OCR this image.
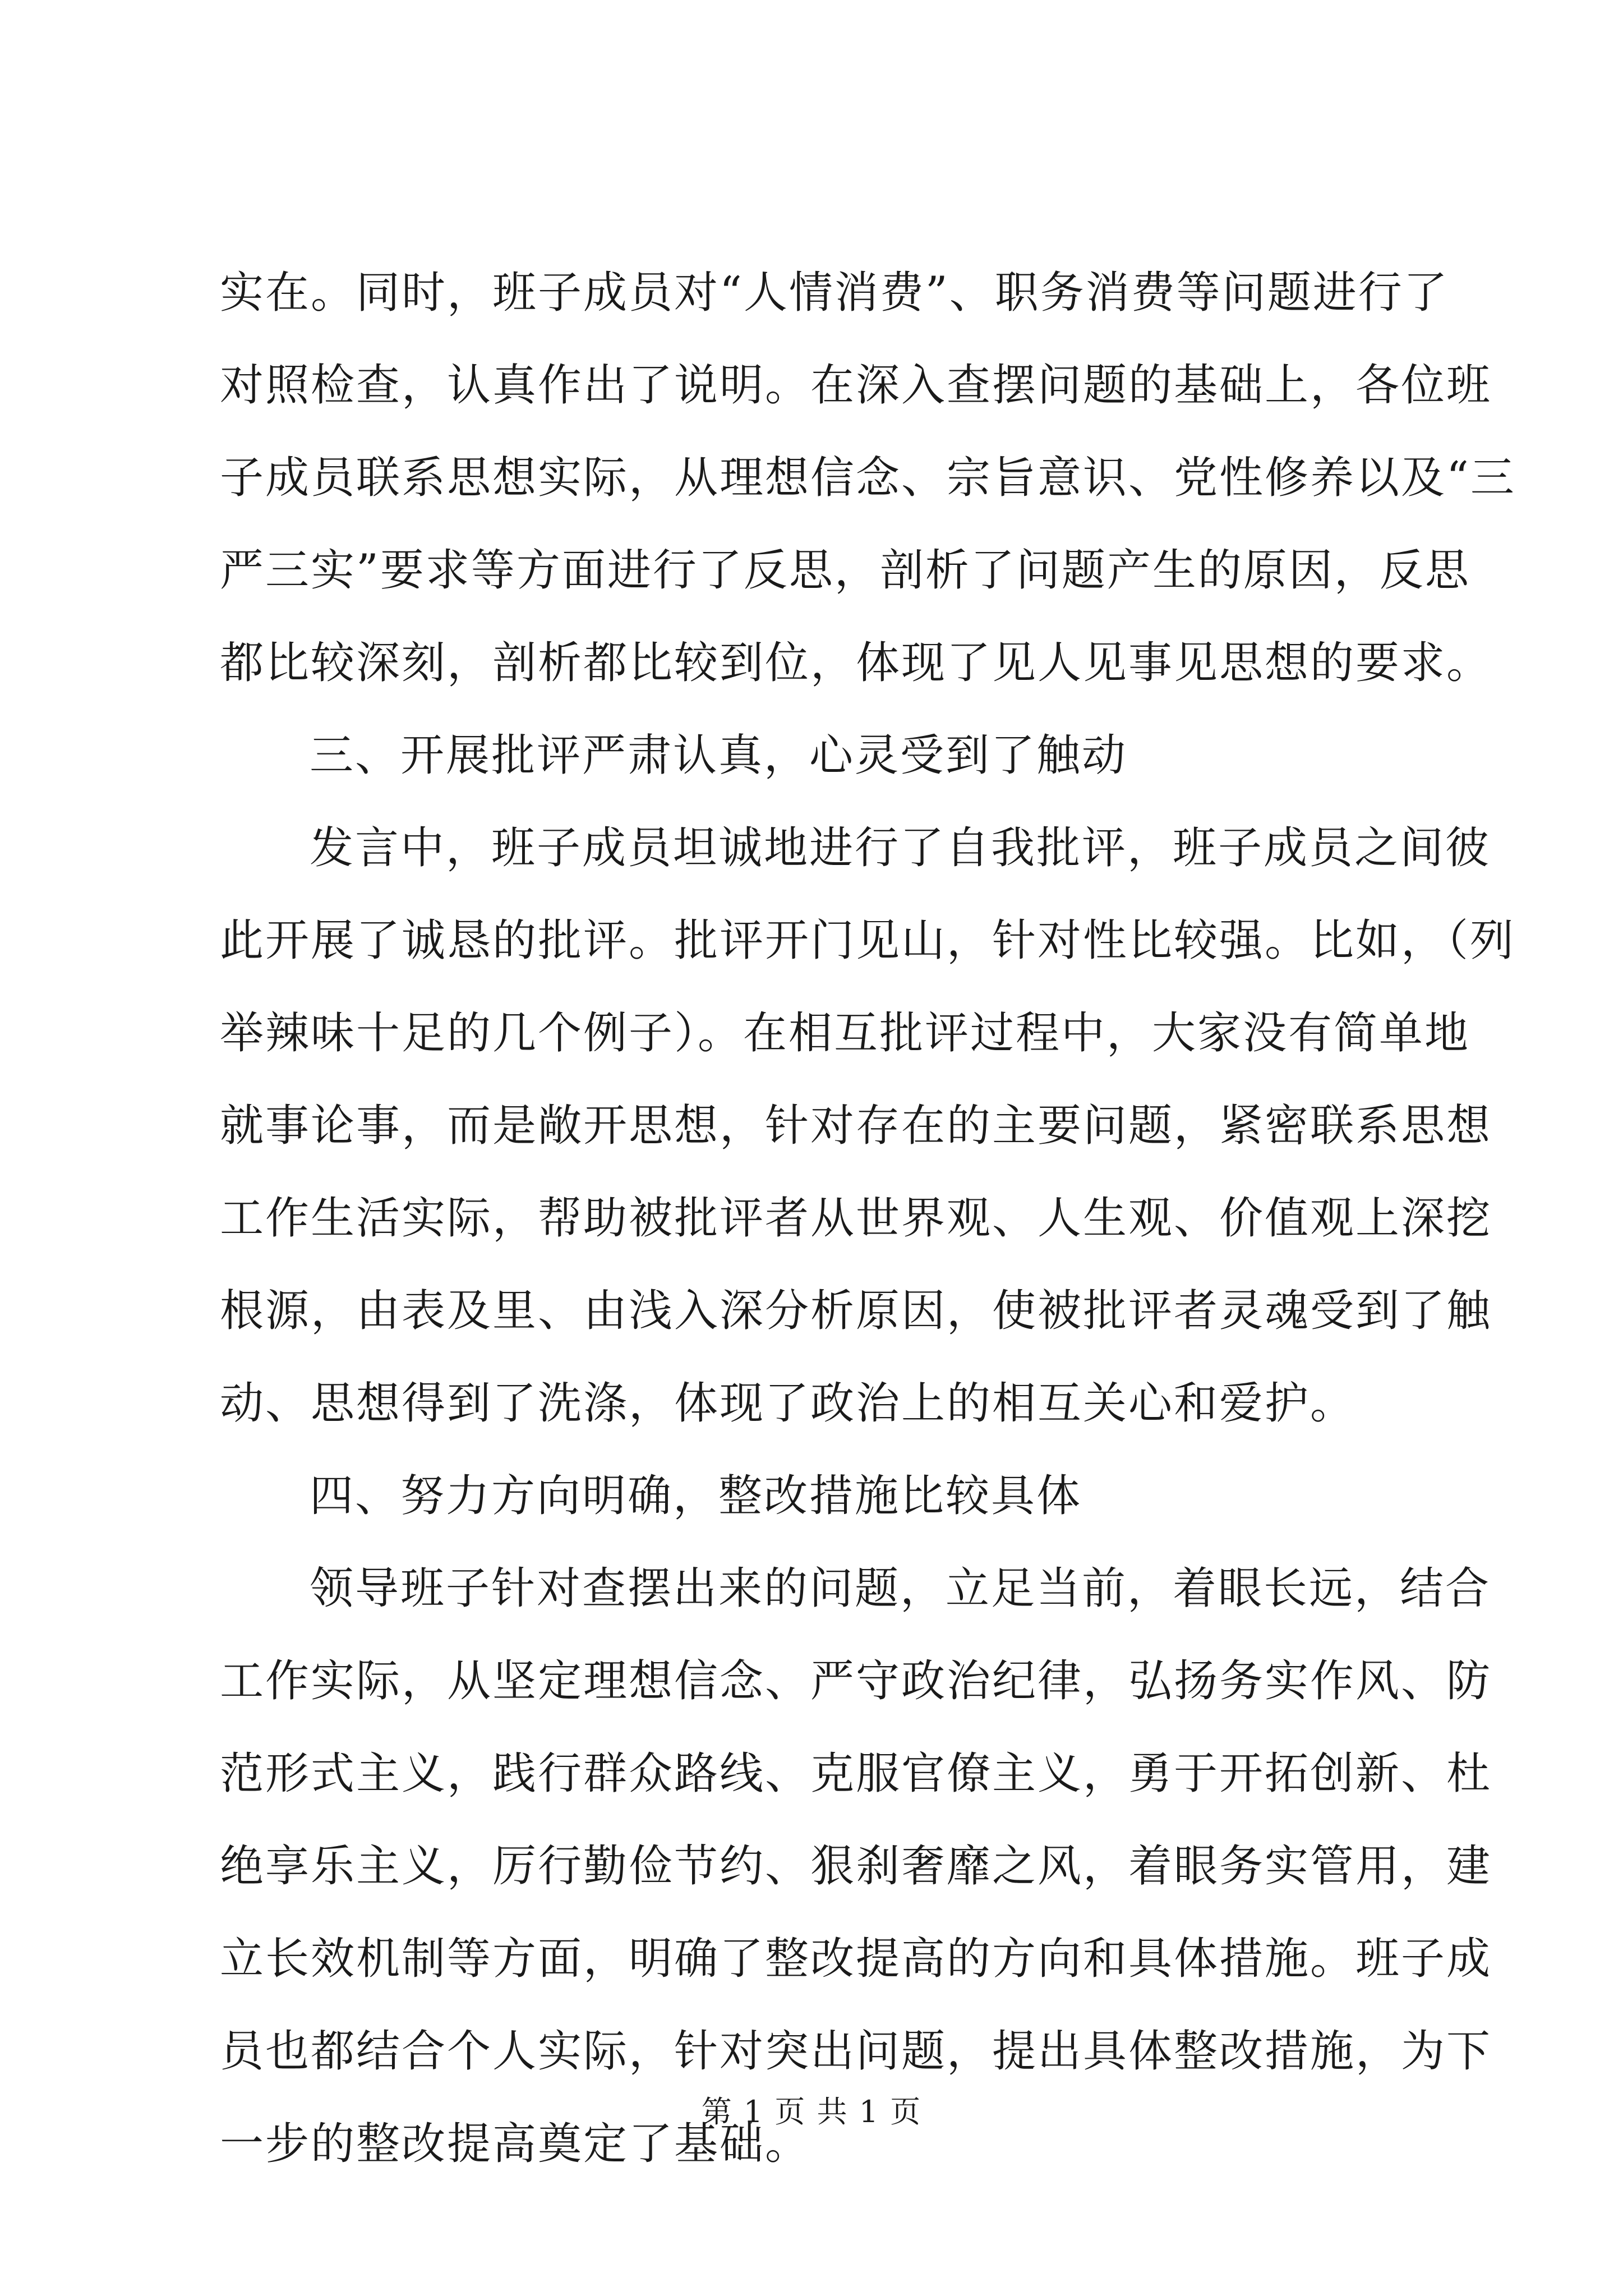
实在。同时，班子成员对“人情消费”、职务消费等问题进行了
对照检查，认真作出了说明。在深入查摆问题的基础上，各位班
子成员联系思想实际，从理想信念、宗旨意识、党性修养以及“三
严三实”要求等方面进行了反思，剖析了问题产生的原因，反思
都比较深刻，剖析都比较到位，体现了见人见事见思想的要求。
三、开展批评严肃认真，心灵受到了触动
发言中，班子成员坦诚地进行了自我批评，班子成员之间彼
此开展了诚恳的批评。批评开门见山，针对性比较强。比如，（列
举辣味十足的几个例子）。在相互批评过程中，大家没有简单地
就事论事，而是敞开思想，针对存在的主要问题，紧密联系思想
工作生活实际，帮助被批评者从世界观、人生观、价值观上深挖
根源，由表及里、由浅入深分析原因，使被批评者灵魂受到了触
动、思想得到了洗涤，体现了政治上的相互关心和爱护。
四、努力方向明确，整改措施比较具体
领导班子针对查摆出来的问题，立足当前，着眼长远，结合
工作实际，从坚定理想信念、严守政治纪律，弘扬务实作风、防
范形式主义，践行群众路线、克服官僚主义，勇于开拓创新、杜
绝享乐主义，厉行勤俭节约、狠刹奢靡之风，着眼务实管用，建
立长效机制等方面，明确了整改提高的方向和具体措施。班子成
员也都结合个人实际，针对突出问题，提出具体整改措施，为下
一步的整改提高奠定了基础。
第 1 页 共 1 页
